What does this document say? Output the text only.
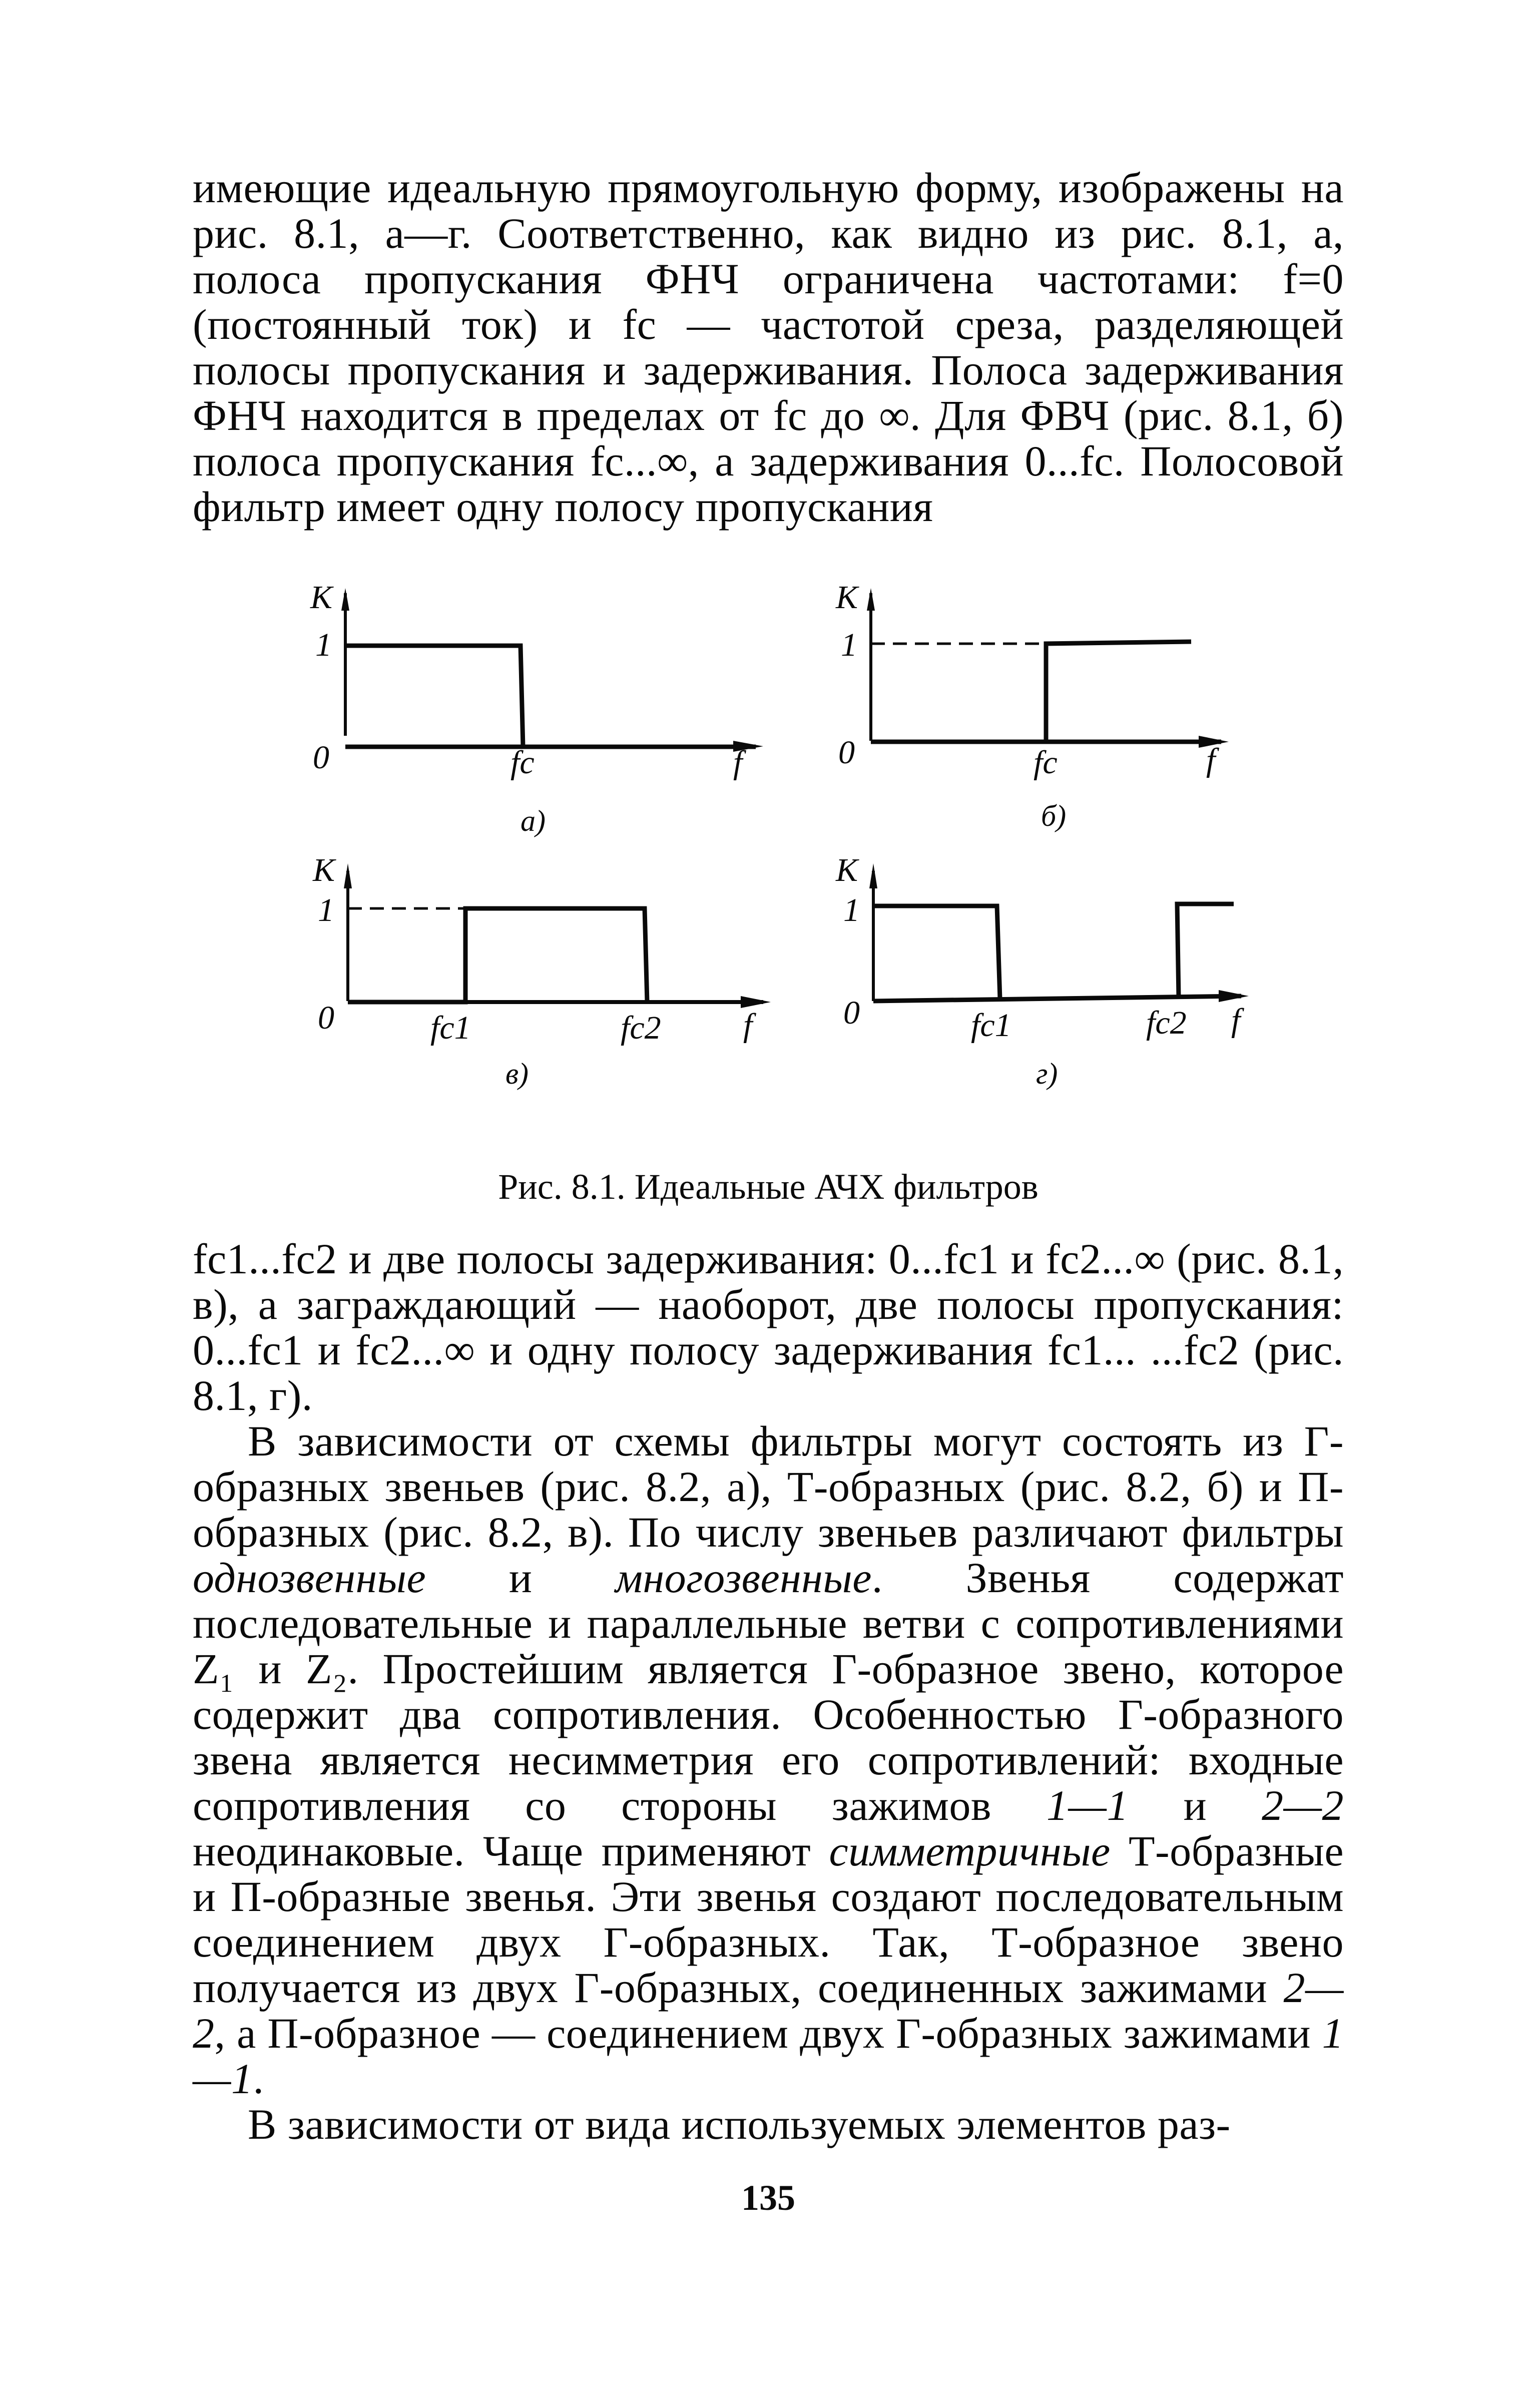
имеющие идеальную прямоугольную форму, изображены на рис. 8.1, а—г. Соответственно, как видно из рис. 8.1, а, полоса пропускания ФНЧ ограничена частотами: f=0 (постоянный ток) и fc — частотой среза, разделяющей полосы пропускания и задерживания. Полоса задерживания ФНЧ находится в пределах от fc до ∞. Для ФВЧ (рис. 8.1, б) полоса пропускания fc...∞, а задерживания 0...fc. Полосовой фильтр имеет одну полосу пропускания

K
1
0	fc	f
а)
K
1
0	fc	f
б)
K
1
0	fc1	fc2 f
в)
K
1
0	fc1	fc2 f
г)
Рис. 8.1. Идеальные АЧХ фильтров

fc1...fc2 и две полосы задерживания: 0...fc1 и fc2...∞ (рис. 8.1, в), а заграждающий — наоборот, две полосы пропускания: 0...fc1 и fc2...∞ и одну полосу задерживания fc1... ...fc2 (рис. 8.1, г).

В зависимости от схемы фильтры могут состоять из Г-образных звеньев (рис. 8.2, а), Т-образных (рис. 8.2, б) и П-образных (рис. 8.2, в). По числу звеньев различают фильтры однозвенные и многозвенные. Звенья содержат последовательные и параллельные ветви с сопротивлениями Z₁ и Z₂. Простейшим является Г-образное звено, которое содержит два сопротивления. Особенностью Г-образного звена является несимметрия его сопротивлений: входные сопротивления со стороны зажимов 1—1 и 2—2 неодинаковые. Чаще применяют симметричные Т-образные и П-образные звенья. Эти звенья создают последовательным соединением двух Г-образных. Так, Т-образное звено получается из двух Г-образных, соединенных зажимами 2—2, а П-образное — соединением двух Г-образных зажимами 1—1.

В зависимости от вида используемых элементов раз-

135
